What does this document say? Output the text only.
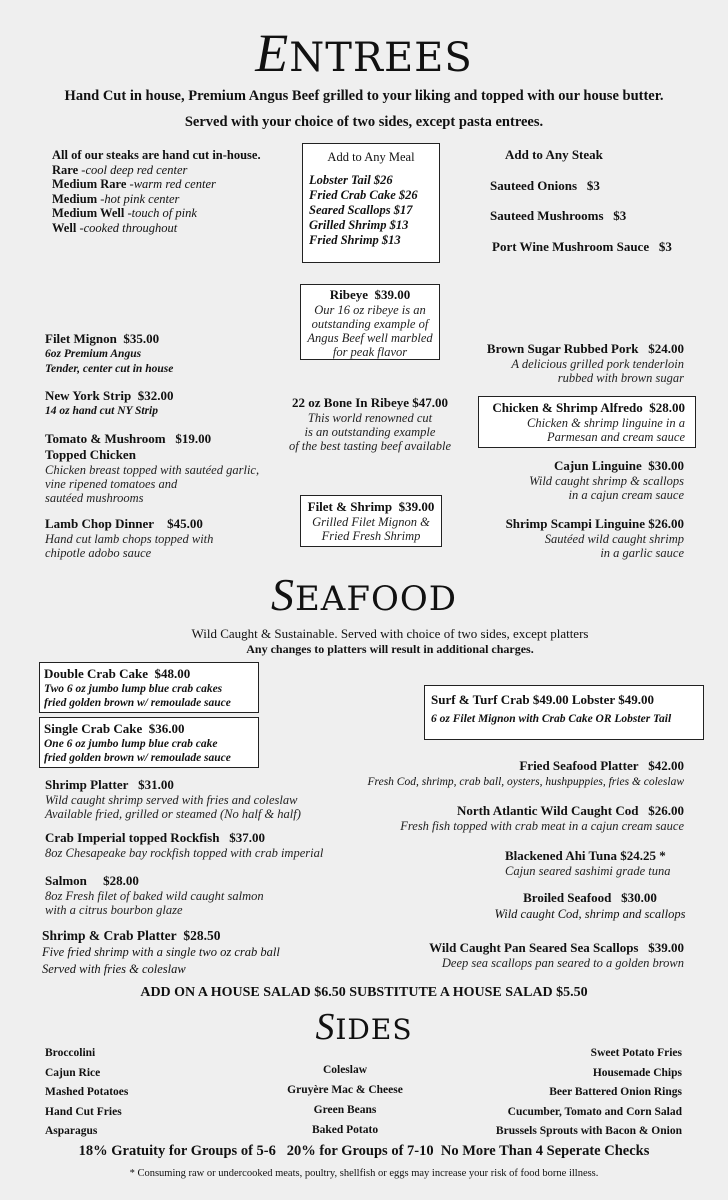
ENTREES
Hand Cut in house, Premium Angus Beef grilled to your liking and topped with our house butter.
Served with your choice of two sides, except pasta entrees.
All of our steaks are hand cut in-house.
Rare -cool deep red center
Medium Rare -warm red center
Medium -hot pink center
Medium Well -touch of pink
Well -cooked throughout
Add to Any Meal
Lobster Tail $26
Fried Crab Cake $26
Seared Scallops $17
Grilled Shrimp $13
Fried Shrimp $13
Add to Any Steak
Sauteed Onions $3
Sauteed Mushrooms $3
Port Wine Mushroom Sauce $3
Ribeye $39.00
Our 16 oz ribeye is an
outstanding example of
Angus Beef well marbled
for peak flavor
Filet Mignon $35.00
6oz Premium Angus
Tender, center cut in house
New York Strip $32.00
14 oz hand cut NY Strip
Tomato & Mushroom $19.00
Topped Chicken
Chicken breast topped with sautéed garlic,
vine ripened tomatoes and
sautéed mushrooms
Lamb Chop Dinner $45.00
Hand cut lamb chops topped with
chipotle adobo sauce
22 oz Bone In Ribeye $47.00
This world renowned cut
is an outstanding example
of the best tasting beef available
Filet & Shrimp $39.00
Grilled Filet Mignon &
Fried Fresh Shrimp
Brown Sugar Rubbed Pork $24.00
A delicious grilled pork tenderloin
rubbed with brown sugar
Chicken & Shrimp Alfredo $28.00
Chicken & shrimp linguine in a
Parmesan and cream sauce
Cajun Linguine $30.00
Wild caught shrimp & scallops
in a cajun cream sauce
Shrimp Scampi Linguine $26.00
Sautéed wild caught shrimp
in a garlic sauce
SEAFOOD
Wild Caught & Sustainable. Served with choice of two sides, except platters
Any changes to platters will result in additional charges.
Double Crab Cake $48.00
Two 6 oz jumbo lump blue crab cakes
fried golden brown w/ remoulade sauce
Single Crab Cake $36.00
One 6 oz jumbo lump blue crab cake
fried golden brown w/ remoulade sauce
Surf & Turf Crab $49.00 Lobster $49.00
6 oz Filet Mignon with Crab Cake OR Lobster Tail
Shrimp Platter $31.00
Wild caught shrimp served with fries and coleslaw
Available fried, grilled or steamed (No half & half)
Crab Imperial topped Rockfish $37.00
8oz Chesapeake bay rockfish topped with crab imperial
Salmon $28.00
8oz Fresh filet of baked wild caught salmon
with a citrus bourbon glaze
Shrimp & Crab Platter $28.50
Five fried shrimp with a single two oz crab ball
Served with fries & coleslaw
Fried Seafood Platter $42.00
Fresh Cod, shrimp, crab ball, oysters, hushpuppies, fries & coleslaw
North Atlantic Wild Caught Cod $26.00
Fresh fish topped with crab meat in a cajun cream sauce
Blackened Ahi Tuna $24.25 *
Cajun seared sashimi grade tuna
Broiled Seafood $30.00
Wild caught Cod, shrimp and scallops
Wild Caught Pan Seared Sea Scallops $39.00
Deep sea scallops pan seared to a golden brown
ADD ON A HOUSE SALAD $6.50 SUBSTITUTE A HOUSE SALAD $5.50
SIDES
Broccolini
Cajun Rice
Mashed Potatoes
Hand Cut Fries
Asparagus
Coleslaw
Gruyère Mac & Cheese
Green Beans
Baked Potato
Sweet Potato Fries
Housemade Chips
Beer Battered Onion Rings
Cucumber, Tomato and Corn Salad
Brussels Sprouts with Bacon & Onion
18% Gratuity for Groups of 5-6   20% for Groups of 7-10  No More Than 4 Seperate Checks
* Consuming raw or undercooked meats, poultry, shellfish or eggs may increase your risk of food borne illness.
